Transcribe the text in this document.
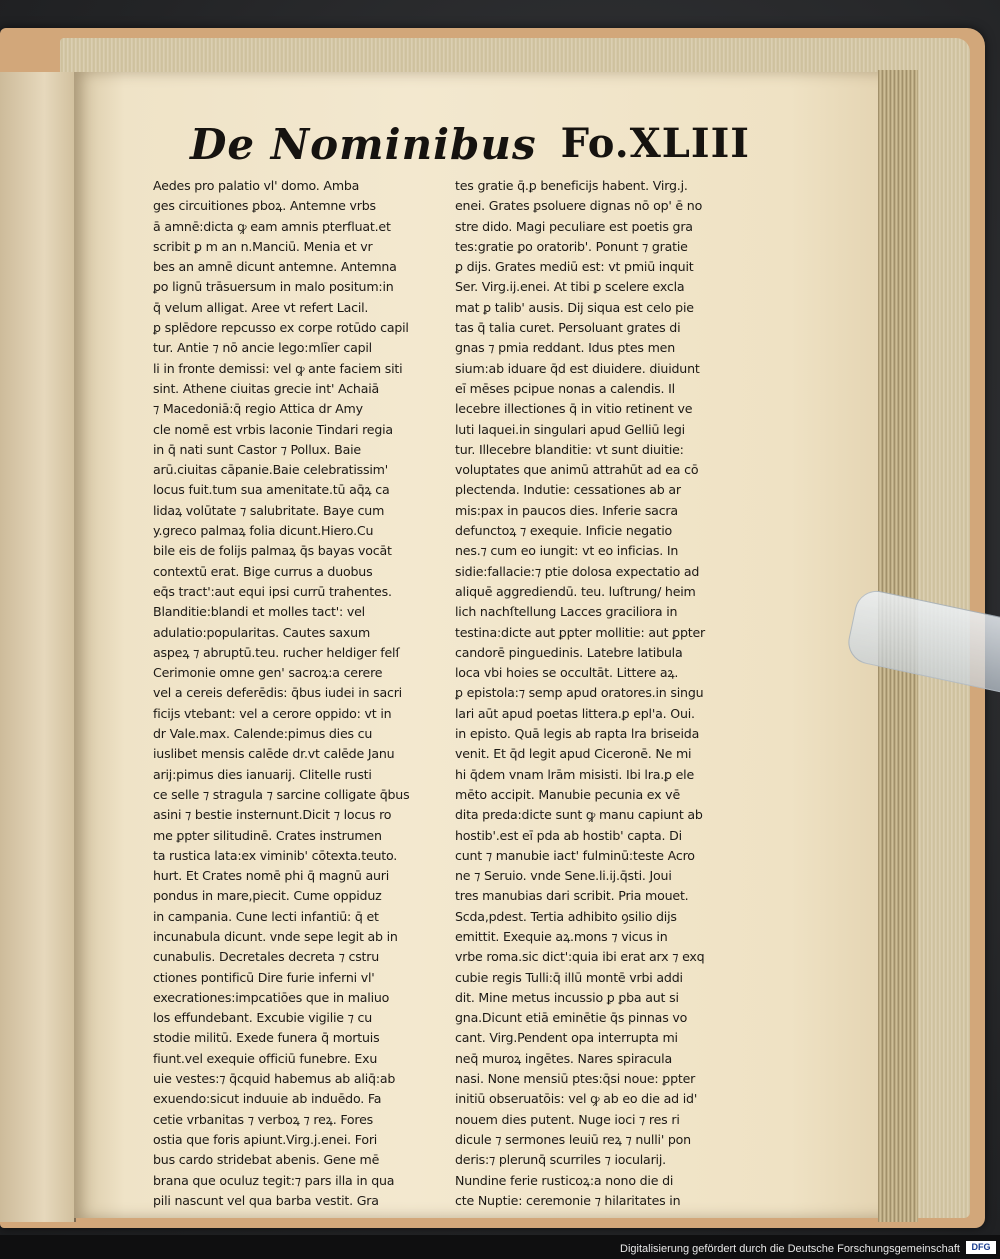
De Nominibus Fo.XLIII
Aedes pro palatio vl' domo. Amba
ges circuitiones ꝑboꝝ. Antemne vrbs
ā amnē:dicta ꝙ eam amnis pterfluat.et
scribit ꝑ m an n.Manciū. Menia et vr
bes an amnē dicunt antemne. Antemna
ꝑo lignū trāsuersum in malo positum:in
q̄ velum alligat. Aree vt refert Lacil.
ꝑ splēdore repcusso ex corpe rotūdo capil
tur. Antie ⁊ nō ancie lego:mlīer capil
li in fronte demissi: vel ꝙ ante faciem siti
sint. Athene ciuitas grecie int' Achaiā
⁊ Macedoniā:q̄ regio Attica dr Amy
cle nomē est vrbis laconie Tindari regia
in q̄ nati sunt Castor ⁊ Pollux. Baie
arū.ciuitas cāpanie.Baie celebratissim'
locus fuit.tum sua amenitate.tū aq̄ꝝ ca
lidaꝝ volūtate ⁊ salubritate. Baye cum
y.greco palmaꝝ folia dicunt.Hiero.Cu
bile eis de folijs palmaꝝ q̄s bayas vocāt
contextū erat. Bige currus a duobus
eq̄s tract':aut equi ipsi currū trahentes.
Blanditie:blandi et molles tact': vel
adulatio:popularitas. Cautes saxum
aspeꝝ ⁊ abruptū.teu. rucher heldiger felſ
Cerimonie omne gen' sacroꝝ:a cerere
vel a cereis deferēdis: q̄bus iudei in sacri
ficijs vtebant: vel a cerore oppido: vt in
dr Vale.max. Calende:pimus dies cu
iuslibet mensis calēde dr.vt calēde Janu
arij:pimus dies ianuarij. Clitelle rusti
ce selle ⁊ stragula ⁊ sarcine colligate q̄bus
asini ⁊ bestie insternunt.Dicit ⁊ locus ro
me ꝑpter silitudinē. Crates instrumen
ta rustica lata:ex viminib' cōtexta.teuto.
hurt. Et Crates nomē phi q̄ magnū auri
pondus in mare,piecit. Cume oppiduz
in campania. Cune lecti infantiū: q̄ et
incunabula dicunt. vnde sepe legit ab in
cunabulis. Decretales decreta ⁊ cstru
ctiones pontificū Dire furie inferni vl'
execrationes:impcatiōes que in maliuo
los effundebant. Excubie vigilie ⁊ cu
stodie militū. Exede funera q̄ mortuis
fiunt.vel exequie officiū funebre. Exu
uie vestes:⁊ q̄cquid habemus ab aliq̄:ab
exuendo:sicut induuie ab induēdo. Fa
cetie vrbanitas ⁊ verboꝝ ⁊ reꝝ. Fores
ostia que foris apiunt.Virg.j.enei. Fori
bus cardo stridebat abenis. Gene mē
brana que oculuz tegit:⁊ pars illa in qua
pili nascunt vel qua barba vestit. Gra
tes gratie q̄.ꝑ beneficijs habent. Virg.j.
enei. Grates ꝑsoluere dignas nō op' ē no
stre dido. Magi peculiare est poetis gra
tes:gratie ꝑo oratorib'. Ponunt ⁊ gratie
ꝑ dijs. Grates mediū est: vt pmiū inquit
Ser. Virg.ij.enei. At tibi ꝑ scelere excla
mat ꝑ talib' ausis. Dij siqua est celo pie
tas q̄ talia curet. Persoluant grates di
gnas ⁊ pmia reddant. Idus ptes men
sium:ab iduare q̄d est diuidere. diuidunt
eī mēses pcipue nonas a calendis. Il
lecebre illectiones q̄ in vitio retinent ve
luti laquei.in singulari apud Gelliū legi
tur. Illecebre blanditie: vt sunt diuitie:
voluptates que animū attrahūt ad ea cō
plectenda. Indutie: cessationes ab ar
mis:pax in paucos dies. Inferie sacra
defunctoꝝ ⁊ exequie. Inficie negatio
nes.⁊ cum eo iungit: vt eo inficias. In
sidie:fallacie:⁊ ptie dolosa expectatio ad
aliquē aggrediendū. teu. luſtrung/ heim
lich nachſtellung Lacces graciliora in
testina:dicte aut ꝑpter mollitie: aut ꝑpter
candorē pinguedinis. Latebre latibula
loca vbi hoies se occultāt. Littere aꝝ.
ꝑ epistola:⁊ semp apud oratores.in singu
lari aūt apud poetas littera.ꝑ epl'a. Oui.
in episto. Quā legis ab rapta lra briseida
venit. Et q̄d legit apud Ciceronē. Ne mi
hi q̄dem vnam lrām misisti. Ibi lra.ꝑ ele
mēto accipit. Manubie pecunia ex vē
dita preda:dicte sunt ꝙ manu capiunt ab
hostib'.est eī pda ab hostib' capta. Di
cunt ⁊ manubie iact' fulminū:teste Acro
ne ⁊ Seruio. vnde Sene.li.ij.q̄sti. Joui
tres manubias dari scribit. Pria mouet.
Scda,pdest. Tertia adhibito ꝯsilio dijs
emittit. Exequie aꝝ.mons ⁊ vicus in
vrbe roma.sic dict':quia ibi erat arx ⁊ exq
cubie regis Tulli:q̄ illū montē vrbi addi
dit. Mine metus incussio ꝑ ꝑba aut si
gna.Dicunt etiā eminētie q̄s pinnas vo
cant. Virg.Pendent opa interrupta mi
neq̄ muroꝝ ingētes. Nares spiracula
nasi. None mensiū ptes:q̄si noue: ꝑpter
initiū obseruatōis: vel ꝙ ab eo die ad id'
nouem dies putent. Nuge ioci ⁊ res ri
dicule ⁊ sermones leuiū reꝝ ⁊ nulli' pon
deris:⁊ plerunq̄ scurriles ⁊ iocularij.
Nundine ferie rusticoꝝ:a nono die di
cte Nuptie: ceremonie ⁊ hilaritates in
Digitalisierung gefördert durch die Deutsche Forschungsgemeinschaft	DFG
